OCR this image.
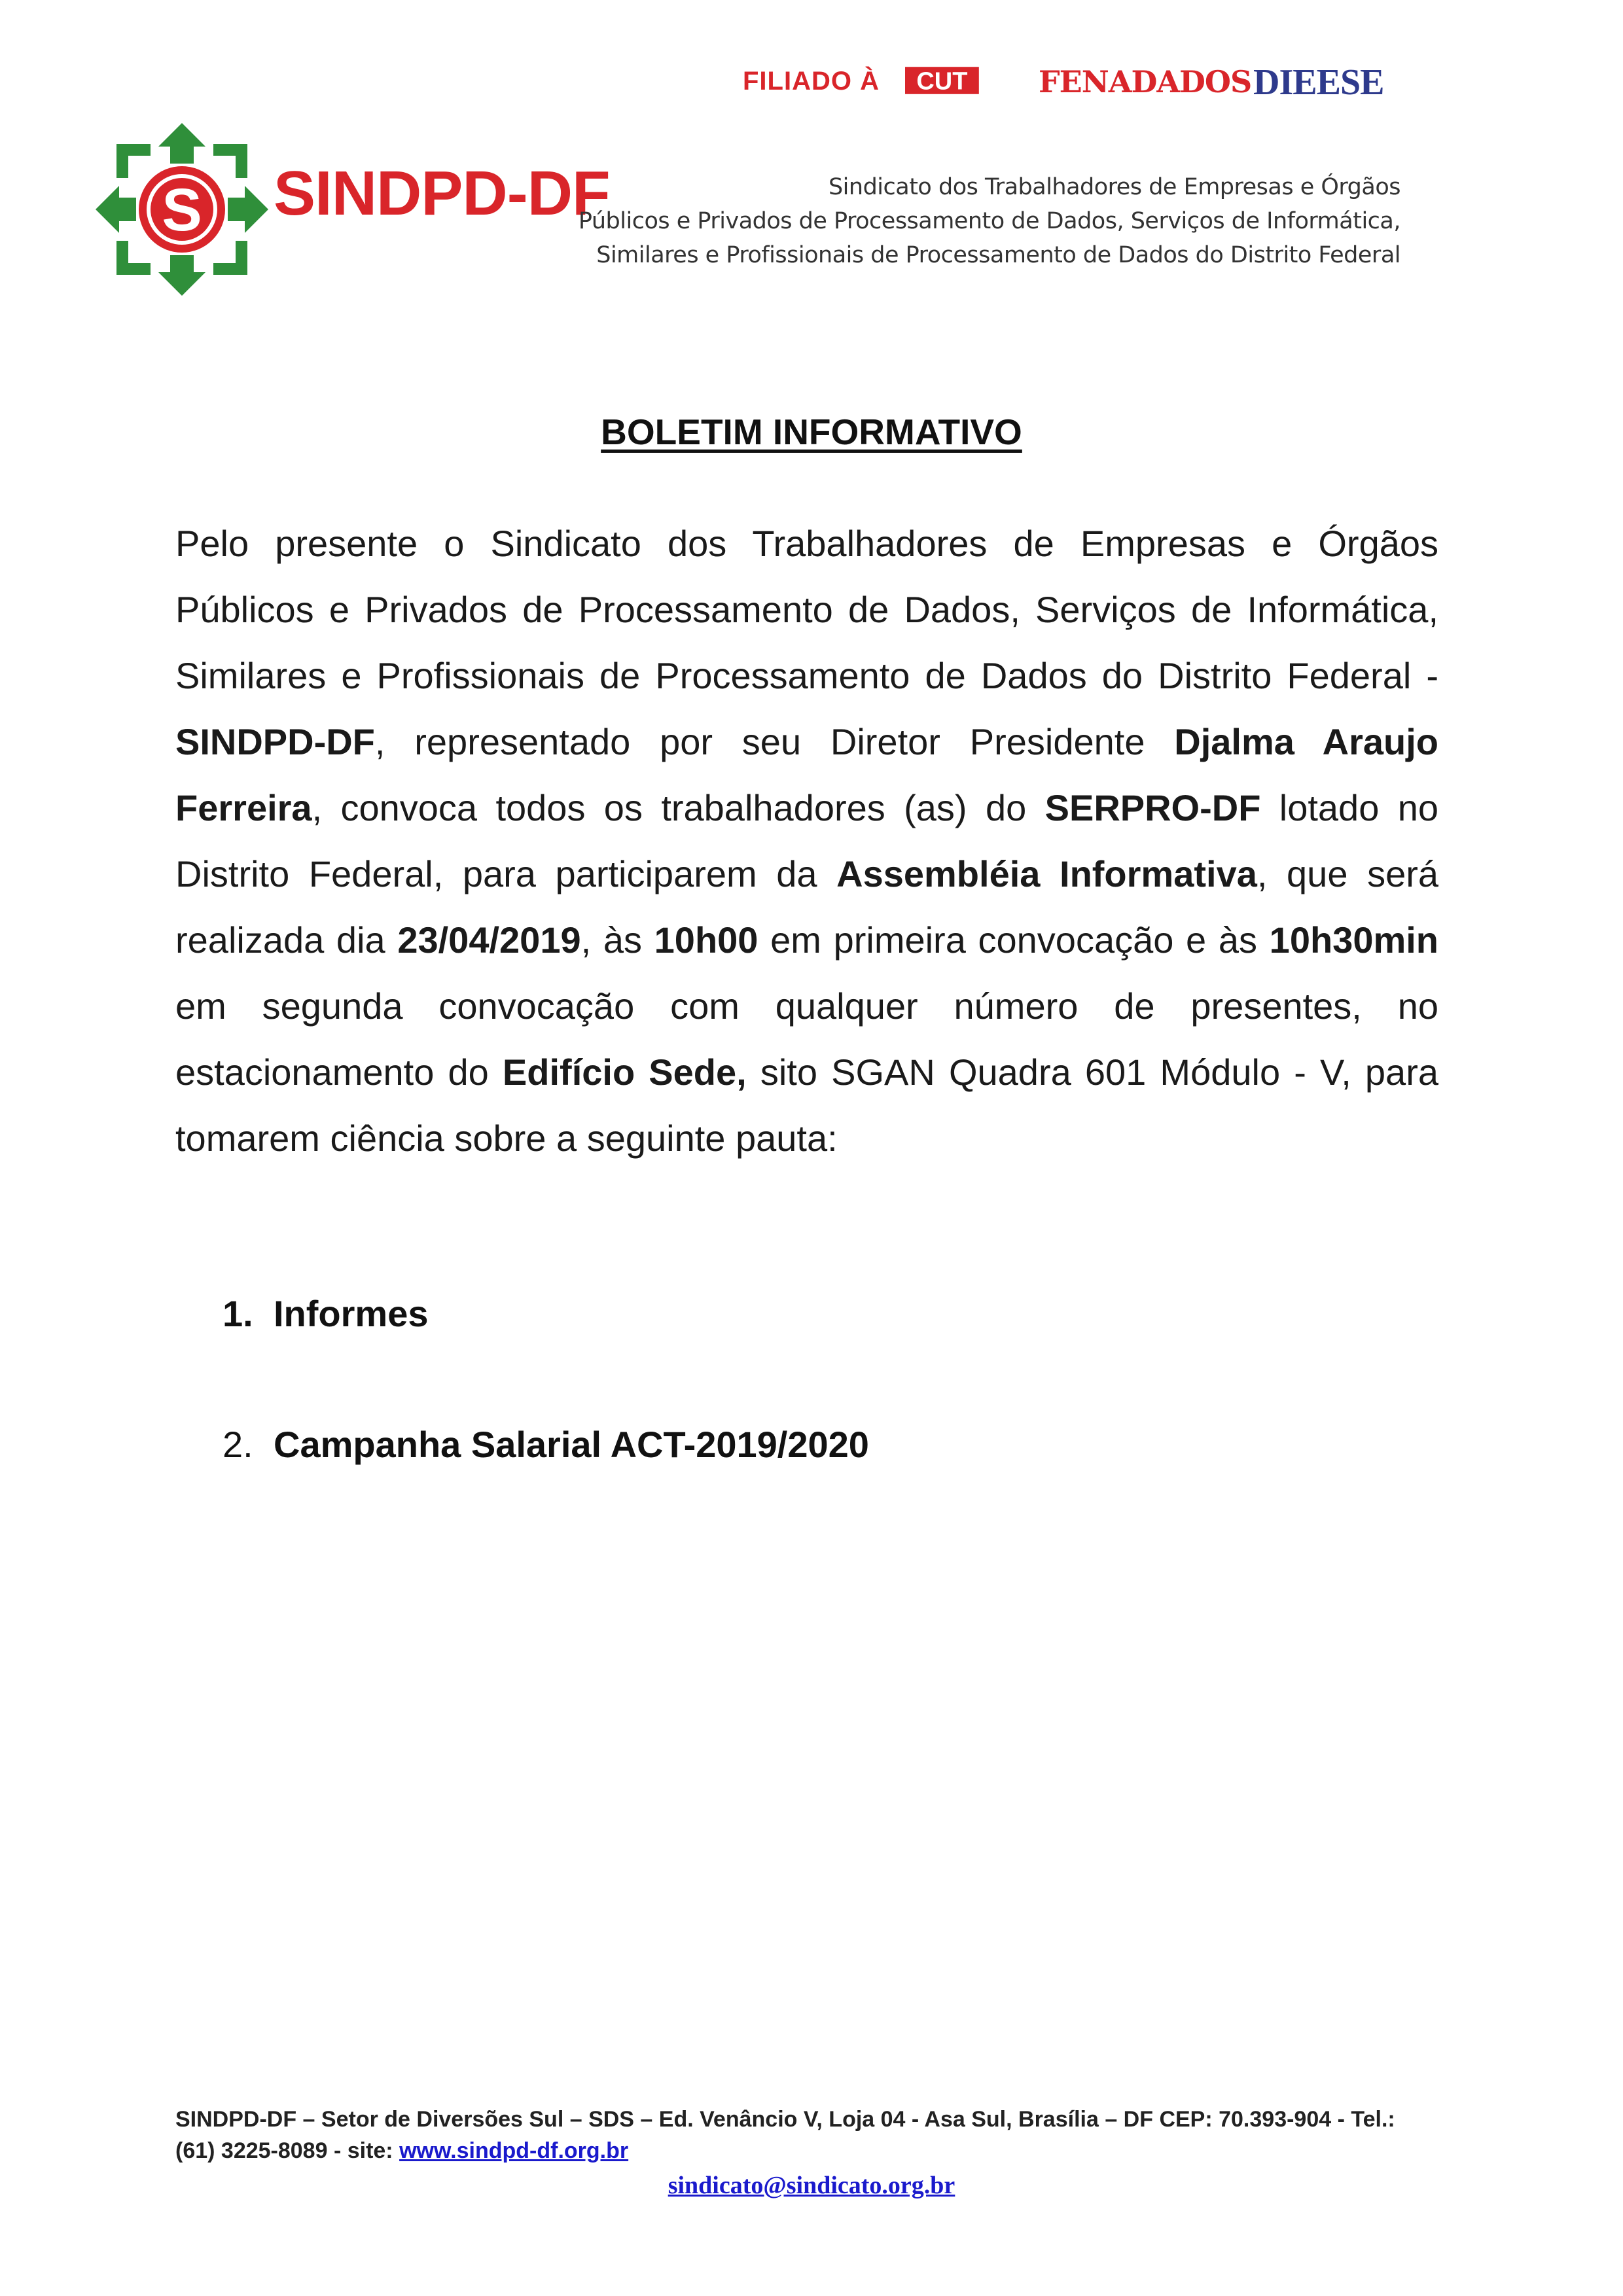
S SINDPD-DF
FILIADO À CUT FENADADOS DIEESE
Sindicato dos Trabalhadores de Empresas e Órgãos
Públicos e Privados de Processamento de Dados, Serviços de Informática,
Similares e Profissionais de Processamento de Dados do Distrito Federal
BOLETIM INFORMATIVO
Pelo presente o Sindicato dos Trabalhadores de Empresas e Órgãos Públicos e Privados de Processamento de Dados, Serviços de Informática, Similares e Profissionais de Processamento de Dados do Distrito Federal - SINDPD-DF, representado por seu Diretor Presidente Djalma Araujo Ferreira, convoca todos os trabalhadores (as) do SERPRO-DF lotado no Distrito Federal, para participarem da Assembléia Informativa, que será realizada dia 23/04/2019, às 10h00 em primeira convocação e às 10h30min em segunda convocação com qualquer número de presentes, no estacionamento do Edifício Sede, sito SGAN Quadra 601 Módulo - V, para tomarem ciência sobre a seguinte pauta:
1. Informes
2. Campanha Salarial ACT-2019/2020
SINDPD-DF – Setor de Diversões Sul – SDS – Ed. Venâncio V, Loja 04 - Asa Sul, Brasília – DF CEP: 70.393-904 - Tel.: (61) 3225-8089 - site: www.sindpd-df.org.br
sindicato@sindicato.org.br
